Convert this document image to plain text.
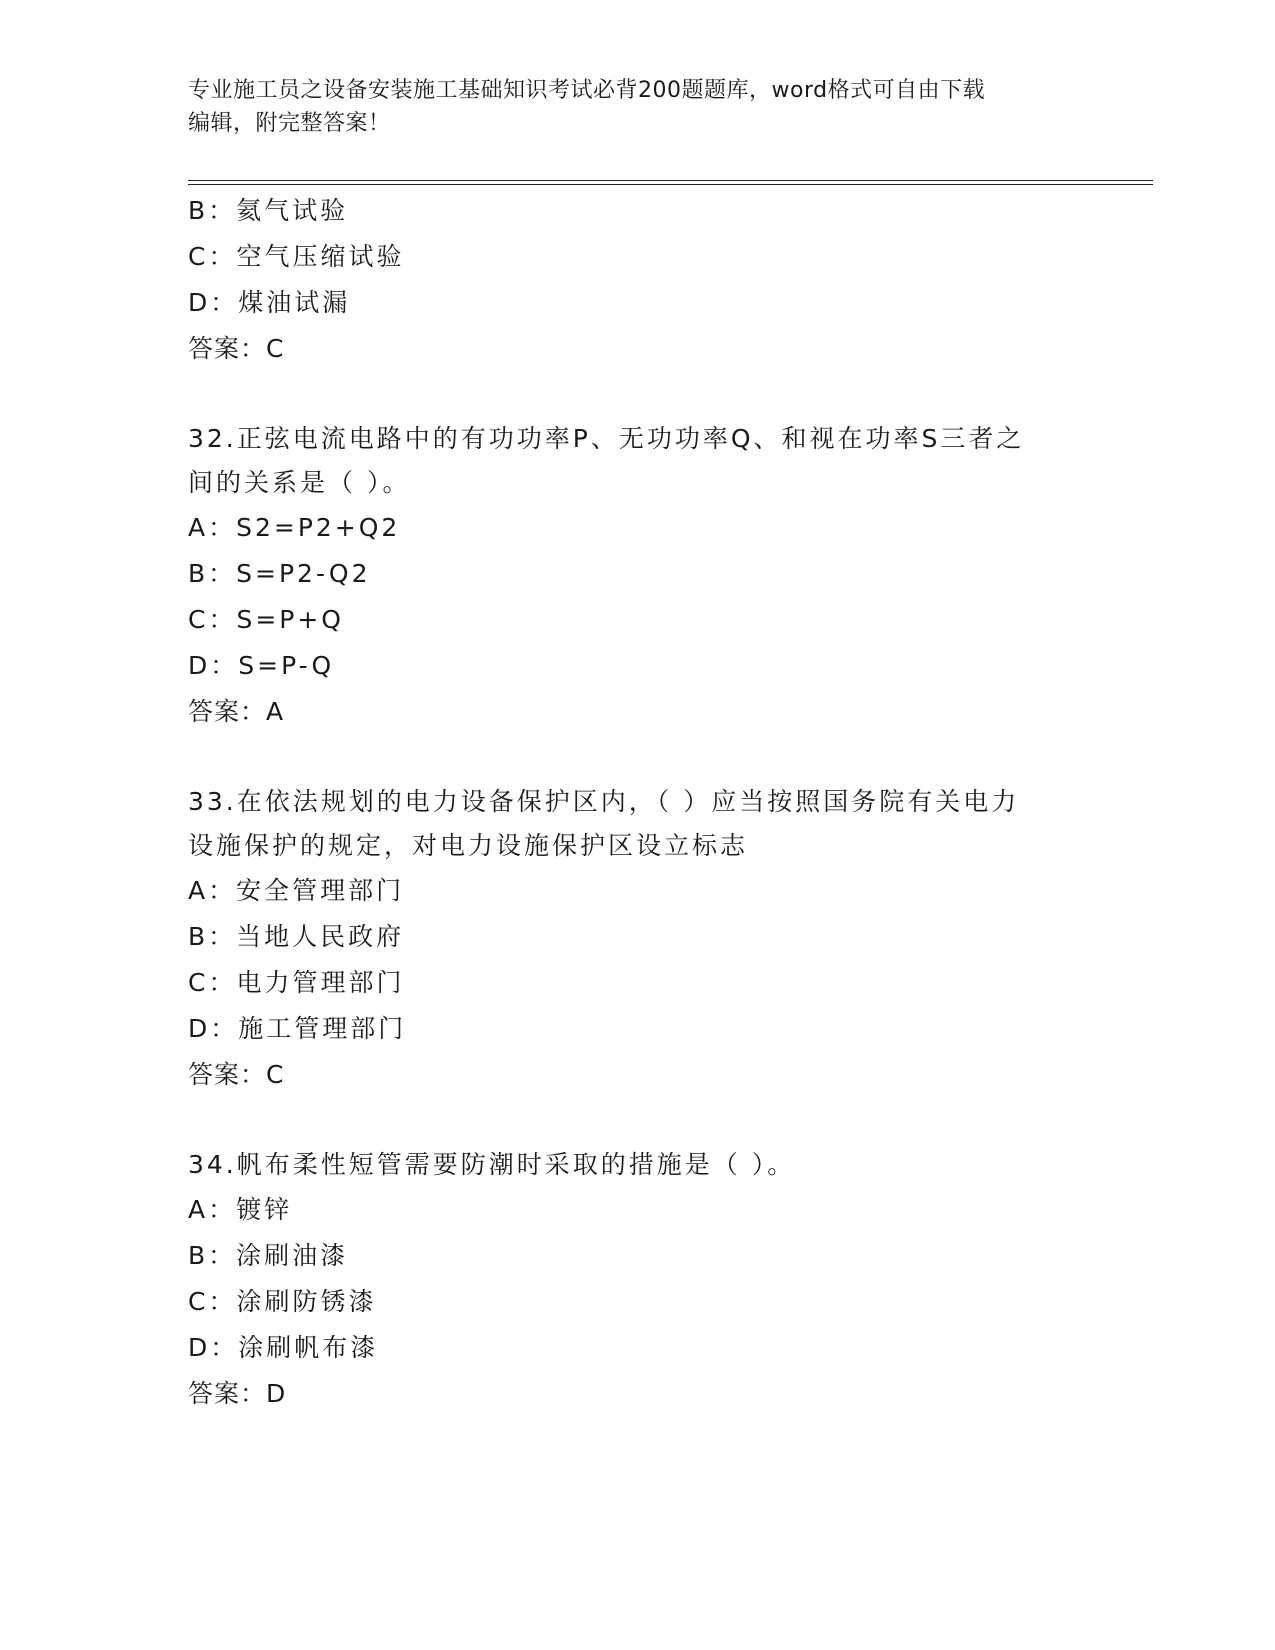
专业施工员之设备安装施工基础知识考试必背200题题库，word格式可自由下载
编辑，附完整答案！
B：氦气试验
C：空气压缩试验
D：煤油试漏
答案：C
32.正弦电流电路中的有功功率P、无功功率Q、和视在功率S三者之
间的关系是（ ）。
A：S2=P2+Q2
B：S=P2-Q2
C：S=P+Q
D：S=P-Q
答案：A
33.在依法规划的电力设备保护区内，（ ）应当按照国务院有关电力
设施保护的规定，对电力设施保护区设立标志
A：安全管理部门
B：当地人民政府
C：电力管理部门
D：施工管理部门
答案：C
34.帆布柔性短管需要防潮时采取的措施是（ ）。
A：镀锌
B：涂刷油漆
C：涂刷防锈漆
D：涂刷帆布漆
答案：D
